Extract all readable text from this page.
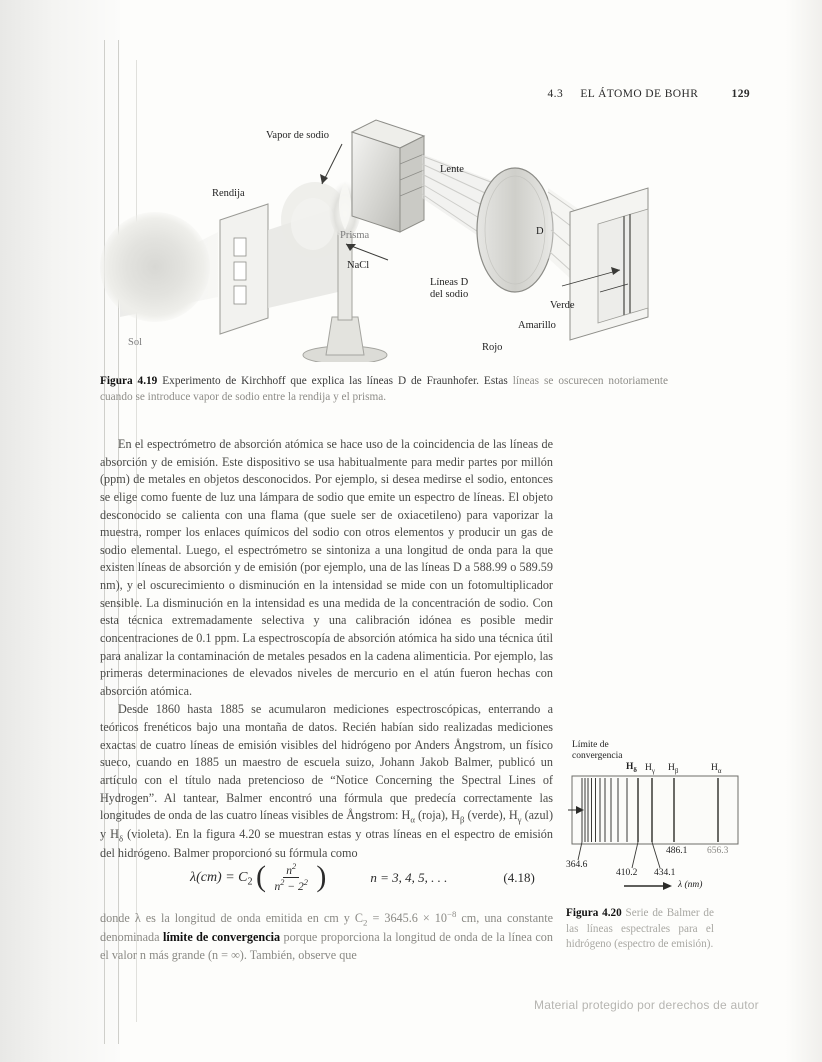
4.3 EL ÁTOMO DE BOHR	129
Vapor de sodio
Rendija
Prisma
NaCl
Lente
Líneas D
del sodio
D
Verde
Amarillo
Rojo
Sol
Figura 4.19 Experimento de Kirchhoff que explica las líneas D de Fraunhofer. Estas líneas se oscurecen notoriamente cuando se introduce vapor de sodio entre la rendija y el prisma.

En el espectrómetro de absorción atómica se hace uso de la coincidencia de las líneas de absorción y de emisión. Este dispositivo se usa habitualmente para medir partes por millón (ppm) de metales en objetos desconocidos. Por ejemplo, si desea medirse el sodio, entonces se elige como fuente de luz una lámpara de sodio que emite un espectro de líneas. El objeto desconocido se calienta con una flama (que suele ser de oxiacetileno) para vaporizar la muestra, romper los enlaces químicos del sodio con otros elementos y producir un gas de sodio elemental. Luego, el espectrómetro se sintoniza a una longitud de onda para la que existen líneas de absorción y de emisión (por ejemplo, una de las líneas D a 588.99 o 589.59 nm), y el oscurecimiento o disminución en la intensidad se mide con un fotomultiplicador sensible. La disminución en la intensidad es una medida de la concentración de sodio. Con esta técnica extremadamente selectiva y una calibración idónea es posible medir concentraciones de 0.1 ppm. La espectroscopía de absorción atómica ha sido una técnica útil para analizar la contaminación de metales pesados en la cadena alimenticia. Por ejemplo, las primeras determinaciones de elevados niveles de mercurio en el atún fueron hechas con absorción atómica.

Desde 1860 hasta 1885 se acumularon mediciones espectroscópicas, enterrando a teóricos frenéticos bajo una montaña de datos. Recién habían sido realizadas mediciones exactas de cuatro líneas de emisión visibles del hidrógeno por Anders Ångstrom, un físico sueco, cuando en 1885 un maestro de escuela suizo, Johann Jakob Balmer, publicó un artículo con el título nada pretencioso de “Notice Concerning the Spectral Lines of Hydrogen”. Al tantear, Balmer encontró una fórmula que predecía correctamente las longitudes de onda de las cuatro líneas visibles de Ångstrom: $H_\alpha$ (roja), $H_\beta$ (verde), $H_\gamma$ (azul) y $H_\delta$ (violeta). En la figura 4.20 se muestran estas y otras líneas en el espectro de emisión del hidrógeno. Balmer proporcionó su fórmula como

$\lambda(cm) = C_2$ ( $\frac{n^2}{n^2 - 2^2}$ )	n = 3, 4, 5, . . .	(4.18)
donde λ es la longitud de onda emitida en cm y $C_2 = 3645.6 \times 10^{-8}$ cm, una constante denominada límite de convergencia porque proporciona la longitud de onda de la línea con el valor n más grande (n = ∞). También, observe que
Límite de
convergencia
$H_\delta$ $H_\gamma$ $H_\beta$	$H_\alpha$
364.6
410.2 434.1
486.1 656.3
λ (nm)
Figura 4.20 Serie de Balmer de las líneas espectrales para el hidrógeno (espectro de emisión).
Material protegido por derechos de autor
